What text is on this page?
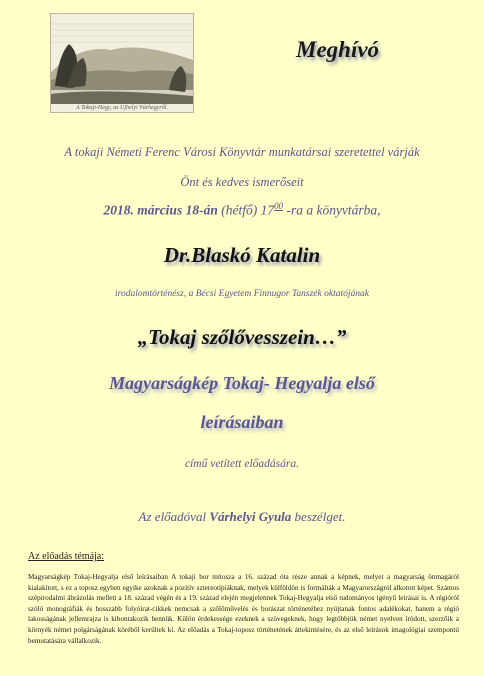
A Tokaji-Hegy, az Ujhelyi Várhegyről.
Meghívó
A tokaji Németi Ferenc Városi Könyvtár munkatársai szeretettel várják
Önt és kedves ismerőseit
2018. március 18-án (hétfő) $17^{00}$ -ra a könyvtárba,
Dr.Blaskó Katalin
irodalomtörténész, a Bécsi Egyetem Finnugor Tanszék oktatójának
„Tokaj szőlővesszein…”
Magyarságkép Tokaj- Hegyalja első
leírásaiban
című vetített előadására.
Az előadóval Várhelyi Gyula beszélget.
Az előadás témája:
Magyarságkép Tokaj-Hegyalja első leírásaiban A tokaji bor mítosza a 16. század óta része annak a képnek, melyet a magyarság önmagáról kialakított, s ez a toposz egyben egyike azoknak a pozitív sztereotípiáknak, melyek külföldön is formálták a Magyarországról alkotott képet. Számos szépirodalmi ábrázolás mellett a 18. század végén és a 19. század elején megjelennek Tokaj-Hegyalja első tudományos igényű leírásai is. A régióról szóló monográfiák és hosszabb folyóirat-cikkek nemcsak a szőlőművelés és borászat történetéhez nyújtanak fontos adalékokat, hanem a régió lakosságának jellemrajza is kibontakozik bennük. Külön érdekessége ezeknek a szövegeknek, hogy legtöbbjük német nyelven íródott, szerzőik a környék német polgárságának köréből kerültek ki. Az előadás a Tokaj-toposz történetének áttekintésére, és az első leírások imagológiai szempontú bemutatására vállalkozik.
